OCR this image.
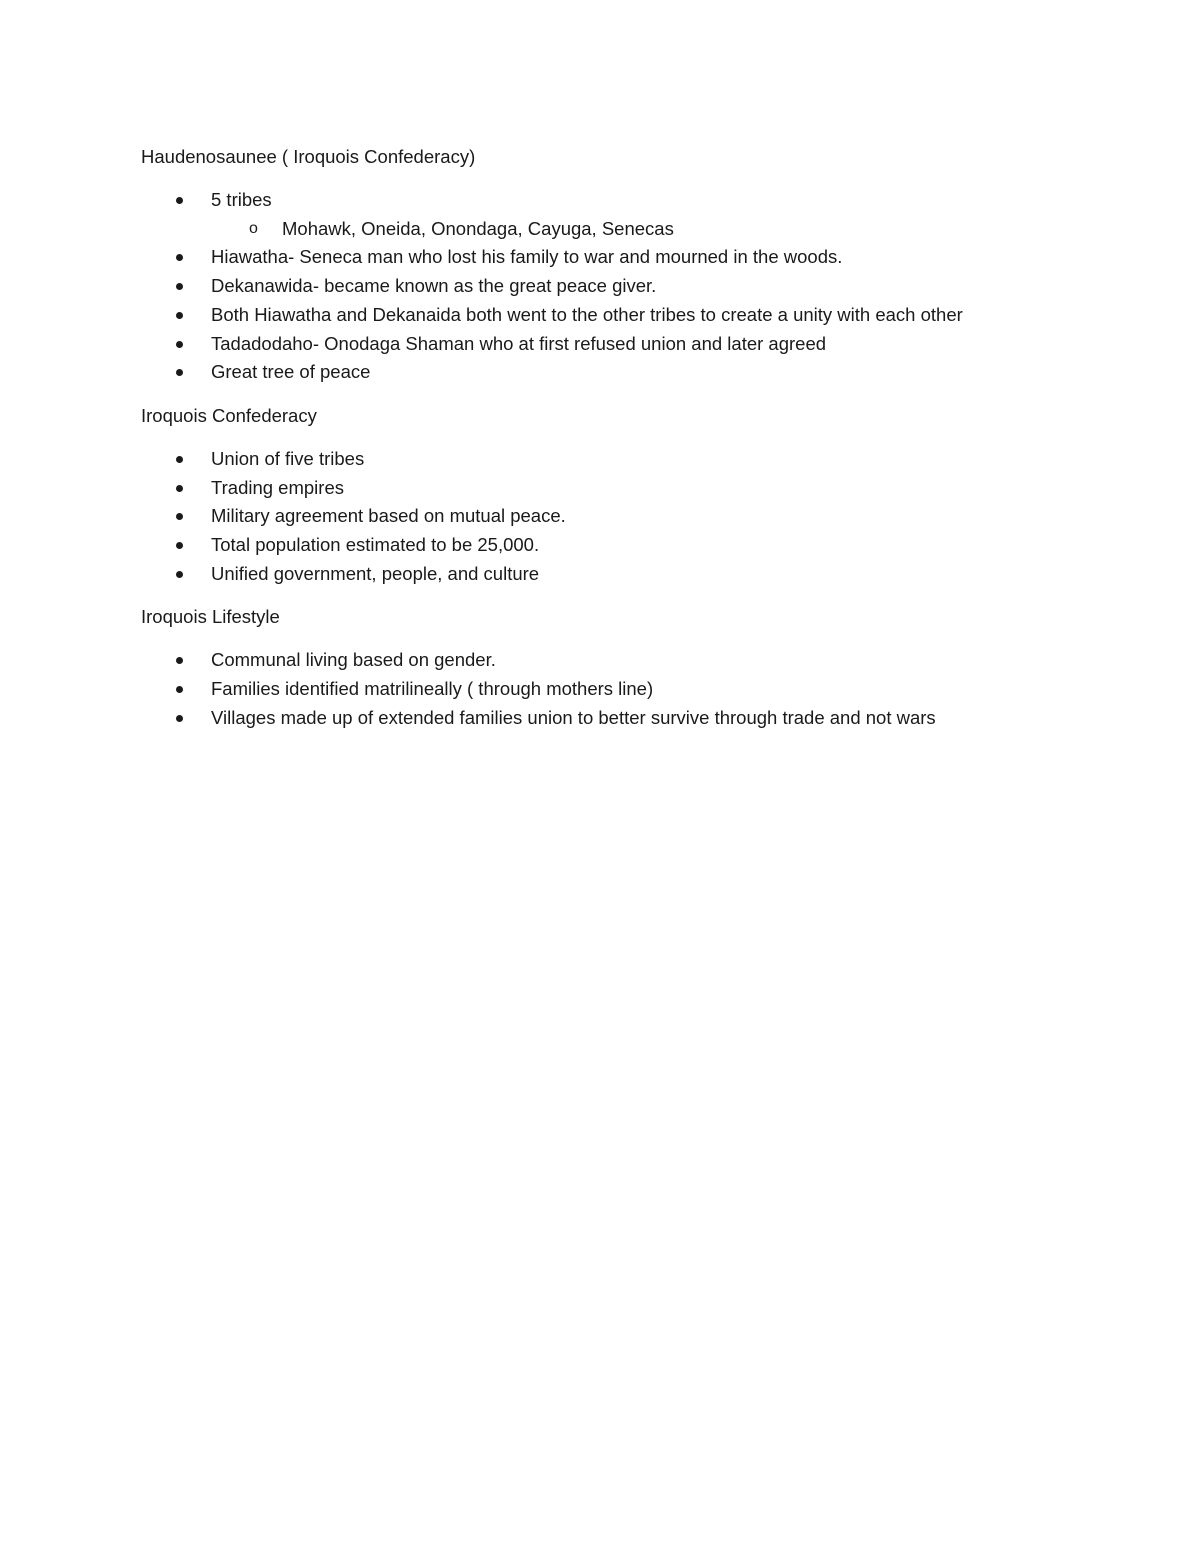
Haudenosaunee ( Iroquois Confederacy)
5 tribes
o Mohawk, Oneida, Onondaga, Cayuga, Senecas
Hiawatha- Seneca man who lost his family to war and mourned in the woods.
Dekanawida- became known as the great peace giver.
Both Hiawatha and Dekanaida both went to the other tribes to create a unity with each other
Tadadodaho- Onodaga Shaman who at first refused union and later agreed
Great tree of peace
Iroquois Confederacy
Union of five tribes
Trading empires
Military agreement based on mutual peace.
Total population estimated to be 25,000.
Unified government, people, and culture
Iroquois Lifestyle
Communal living based on gender.
Families identified matrilineally ( through mothers line)
Villages made up of extended families union to better survive through trade and not wars
